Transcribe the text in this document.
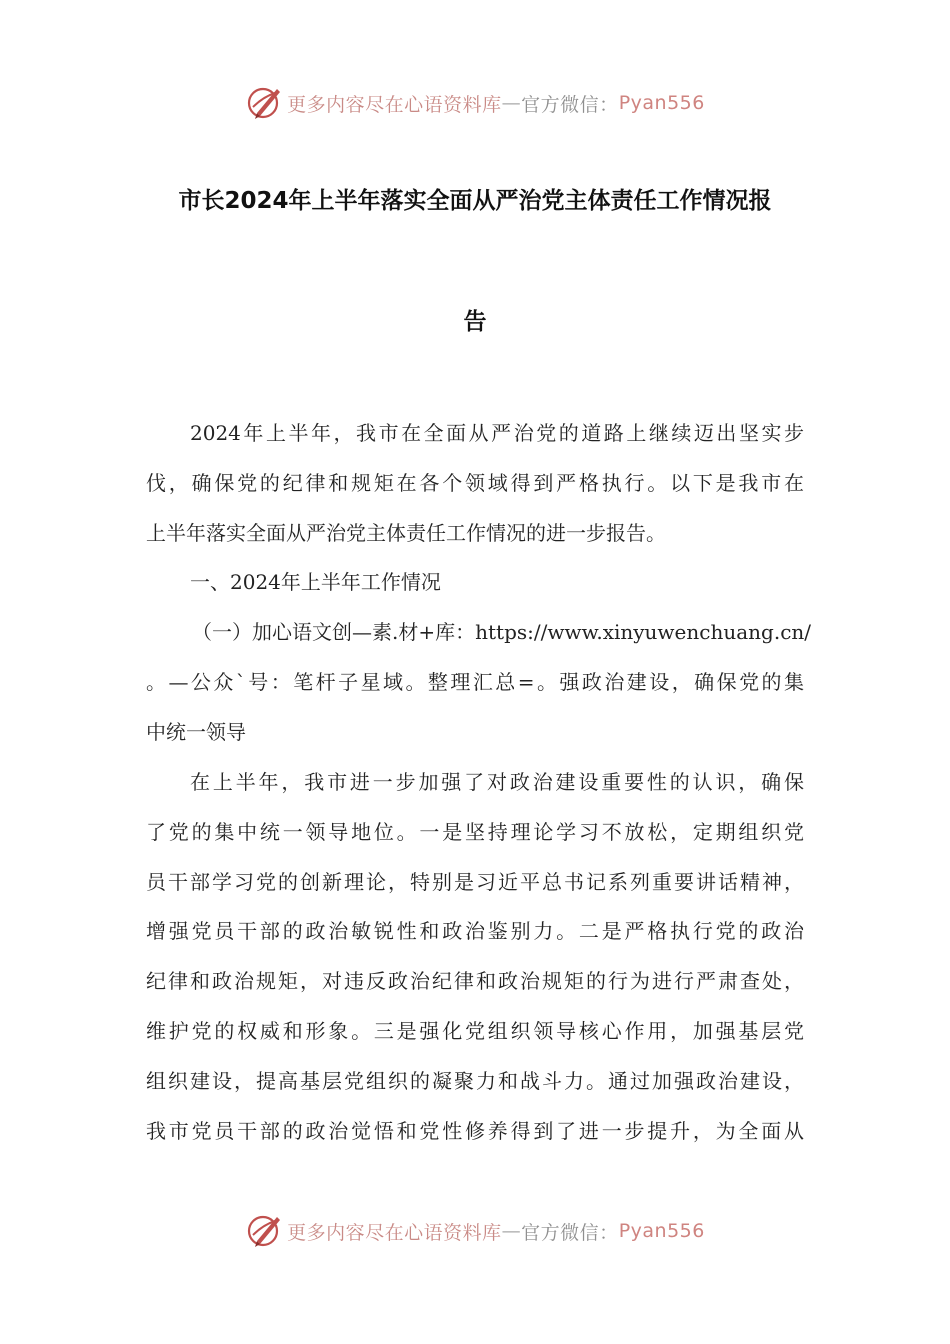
更多内容尽在心语资料库 — 官方微信： Pyan556
市长2024年上半年落实全面从严治党主体责任工作情况报
告
2024年上半年，我市在全面从严治党的道路上继续迈出坚实步
伐，确保党的纪律和规矩在各个领域得到严格执行。以下是我市在
上半年落实全面从严治党主体责任工作情况的进一步报告。
一、2024年上半年工作情况
（一）加心语文创—素.材+库：https://www.xinyuwenchuang.cn/
。—公众`号：笔杆子星域。整理汇总=。强政治建设，确保党的集
中统一领导
在上半年，我市进一步加强了对政治建设重要性的认识，确保
了党的集中统一领导地位。一是坚持理论学习不放松，定期组织党
员干部学习党的创新理论，特别是习近平总书记系列重要讲话精神，
增强党员干部的政治敏锐性和政治鉴别力。二是严格执行党的政治
纪律和政治规矩，对违反政治纪律和政治规矩的行为进行严肃查处，
维护党的权威和形象。三是强化党组织领导核心作用，加强基层党
组织建设，提高基层党组织的凝聚力和战斗力。通过加强政治建设，
我市党员干部的政治觉悟和党性修养得到了进一步提升，为全面从
更多内容尽在心语资料库 — 官方微信： Pyan556
